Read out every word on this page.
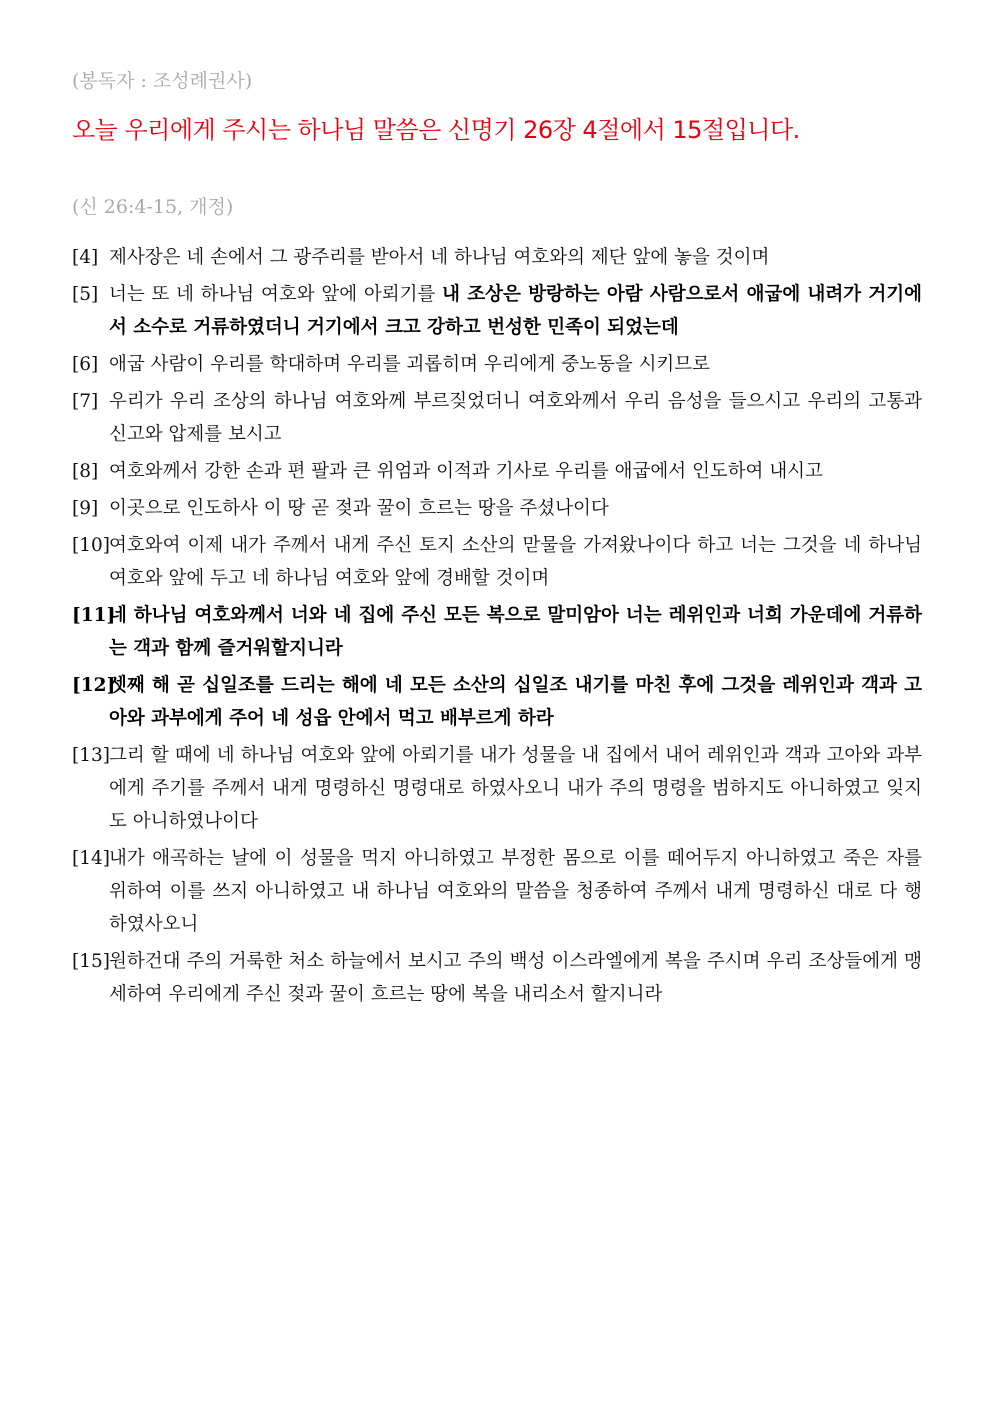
(봉독자 : 조성례권사)
오늘 우리에게 주시는 하나님 말씀은 신명기 26장 4절에서 15절입니다.
(신 26:4-15, 개정)

[4] 제사장은 네 손에서 그 광주리를 받아서 네 하나님 여호와의 제단 앞에 놓을 것이며

[5] 너는 또 네 하나님 여호와 앞에 아뢰기를 내 조상은 방랑하는 아람 사람으로서 애굽에 내려가 거기에서 소수로 거류하였더니 거기에서 크고 강하고 번성한 민족이 되었는데

[6] 애굽 사람이 우리를 학대하며 우리를 괴롭히며 우리에게 중노동을 시키므로

[7] 우리가 우리 조상의 하나님 여호와께 부르짖었더니 여호와께서 우리 음성을 들으시고 우리의 고통과 신고와 압제를 보시고

[8] 여호와께서 강한 손과 편 팔과 큰 위엄과 이적과 기사로 우리를 애굽에서 인도하여 내시고

[9] 이곳으로 인도하사 이 땅 곧 젖과 꿀이 흐르는 땅을 주셨나이다

[10] 여호와여 이제 내가 주께서 내게 주신 토지 소산의 맏물을 가져왔나이다 하고 너는 그것을 네 하나님 여호와 앞에 두고 네 하나님 여호와 앞에 경배할 것이며

[11]
네 하나님 여호와께서 너와 네 집에 주신 모든 복으로 말미암아 너는 레위인과 너희 가운데에 거류하는 객과 함께 즐거워할지니라

[12]
셋째 해 곧 십일조를 드리는 해에 네 모든 소산의 십일조 내기를 마친 후에 그것을 레위인과 객과 고아와 과부에게 주어 네 성읍 안에서 먹고 배부르게 하라

[13] 그리 할 때에 네 하나님 여호와 앞에 아뢰기를 내가 성물을 내 집에서 내어 레위인과 객과 고아와 과부에게 주기를 주께서 내게 명령하신 명령대로 하였사오니 내가 주의 명령을 범하지도 아니하였고 잊지도 아니하였나이다

[14] 내가 애곡하는 날에 이 성물을 먹지 아니하였고 부정한 몸으로 이를 떼어두지 아니하였고 죽은 자를 위하여 이를 쓰지 아니하였고 내 하나님 여호와의 말씀을 청종하여 주께서 내게 명령하신 대로 다 행하였사오니

[15] 원하건대 주의 거룩한 처소 하늘에서 보시고 주의 백성 이스라엘에게 복을 주시며 우리 조상들에게 맹세하여 우리에게 주신 젖과 꿀이 흐르는 땅에 복을 내리소서 할지니라
